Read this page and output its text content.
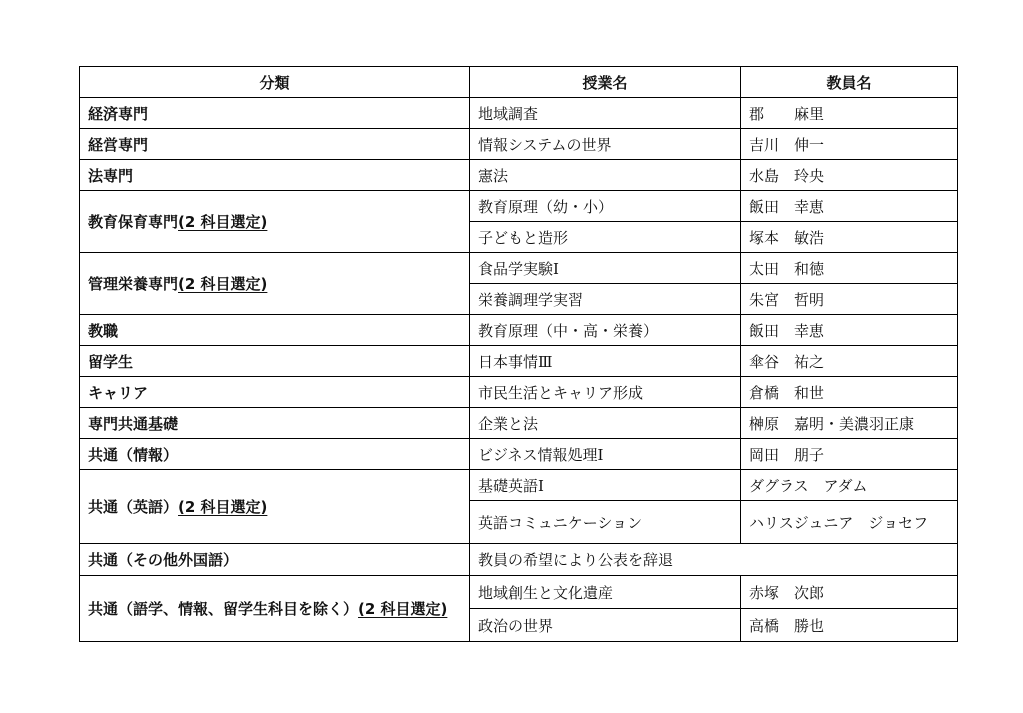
分類	授業名	教員名
経済専門	地域調査	郡　　麻里
経営専門	情報システムの世界	吉川　伸一
法専門	憲法	水島　玲央
教育保育専門(2 科目選定)	教育原理（幼・小）	飯田　幸恵
	子どもと造形	塚本　敏浩
管理栄養専門(2 科目選定)	食品学実験Ⅰ	太田　和徳
	栄養調理学実習	朱宮　哲明
教職	教育原理（中・高・栄養）	飯田　幸恵
留学生	日本事情Ⅲ	傘谷　祐之
キャリア	市民生活とキャリア形成	倉橋　和世
専門共通基礎	企業と法	榊原　嘉明・美濃羽正康
共通（情報）	ビジネス情報処理Ⅰ	岡田　朋子
共通（英語）(2 科目選定)	基礎英語Ⅰ	ダグラス　アダム
	英語コミュニケーション	ハリスジュニア　ジョセフ
共通（その他外国語）	教員の希望により公表を辞退	
共通（語学、情報、留学生科目を除く）(2 科目選定)	地域創生と文化遺産	赤塚　次郎
	政治の世界	高橋　勝也
